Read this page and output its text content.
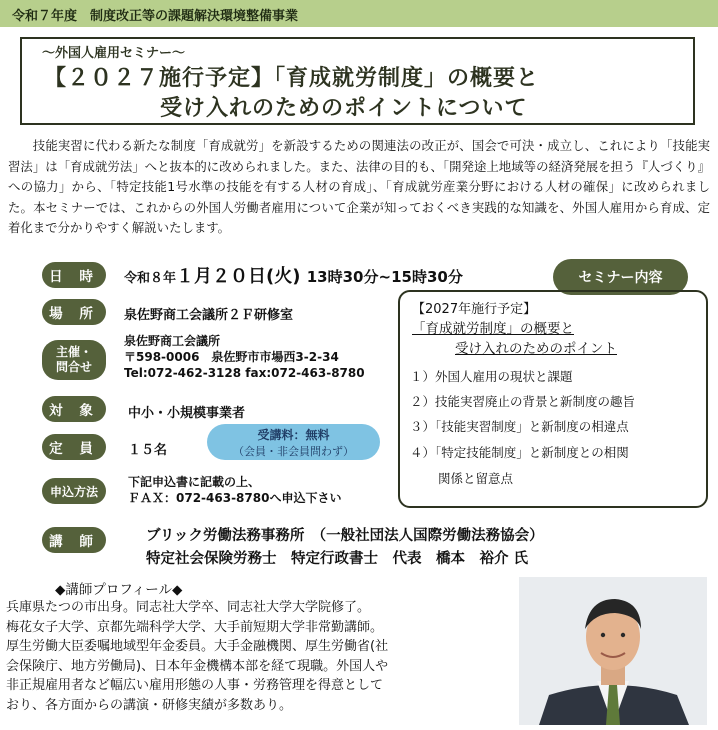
令和７年度　制度改正等の課題解決環境整備事業
～外国人雇用セミナー～
【２０２７施行予定】「育成就労制度」の概要と
受け入れのためのポイントについて

技能実習に代わる新たな制度「育成就労」を新設するための関連法の改正が、国会で可決・成立し、これにより「技能実習法」は「育成就労法」へと抜本的に改められました。また、法律の目的も、「開発途上地域等の経済発展を担う『人づくり』への協力」から、「特定技能1号水準の技能を有する人材の育成」、「育成就労産業分野における人材の確保」に改められました。本セミナーでは、これからの外国人労働者雇用について企業が知っておくべき実践的な知識を、外国人雇用から育成、定着化まで分かりやすく解説いたします。

日 時	令和８年１月２０日(火) 13時30分~15時30分	セミナー内容
場 所	泉佐野商工会議所２Ｆ研修室
主催・
問合せ
泉佐野商工会議所
〒598-0006　泉佐野市市場西3-2-34
Tel:072-462-3128 fax:072-463-8780
対 象	中小・小規模事業者
定 員	１５名
受講料：無料
（会員・非会員問わず）
申込方法
下記申込書に記載の上、
ＦＡＸ：072-463-8780へ申込下さい
【2027年施行予定】
「育成就労制度」の概要と
受け入れのためのポイント
１）外国人雇用の現状と課題
２）技能実習廃止の背景と新制度の趣旨
３）「技能実習制度」と新制度の相違点
４）「特定技能制度」と新制度との相関
関係と留意点
講 師	ブリック労働法務事務所　（一般社団法人国際労働法務協会）
特定社会保険労務士　特定行政書士　代表　橋本　裕介 氏
◆講師プロフィール◆
兵庫県たつの市出身。同志社大学卒、同志社大学大学院修了。
梅花女子大学、京都先端科学大学、大手前短期大学非常勤講師。
厚生労働大臣委嘱地域型年金委員。大手金融機関、厚生労働省(社
会保険庁、地方労働局)、日本年金機構本部を経て現職。外国人や
非正規雇用者など幅広い雇用形態の人事・労務管理を得意として
おり、各方面からの講演・研修実績が多数あり。
